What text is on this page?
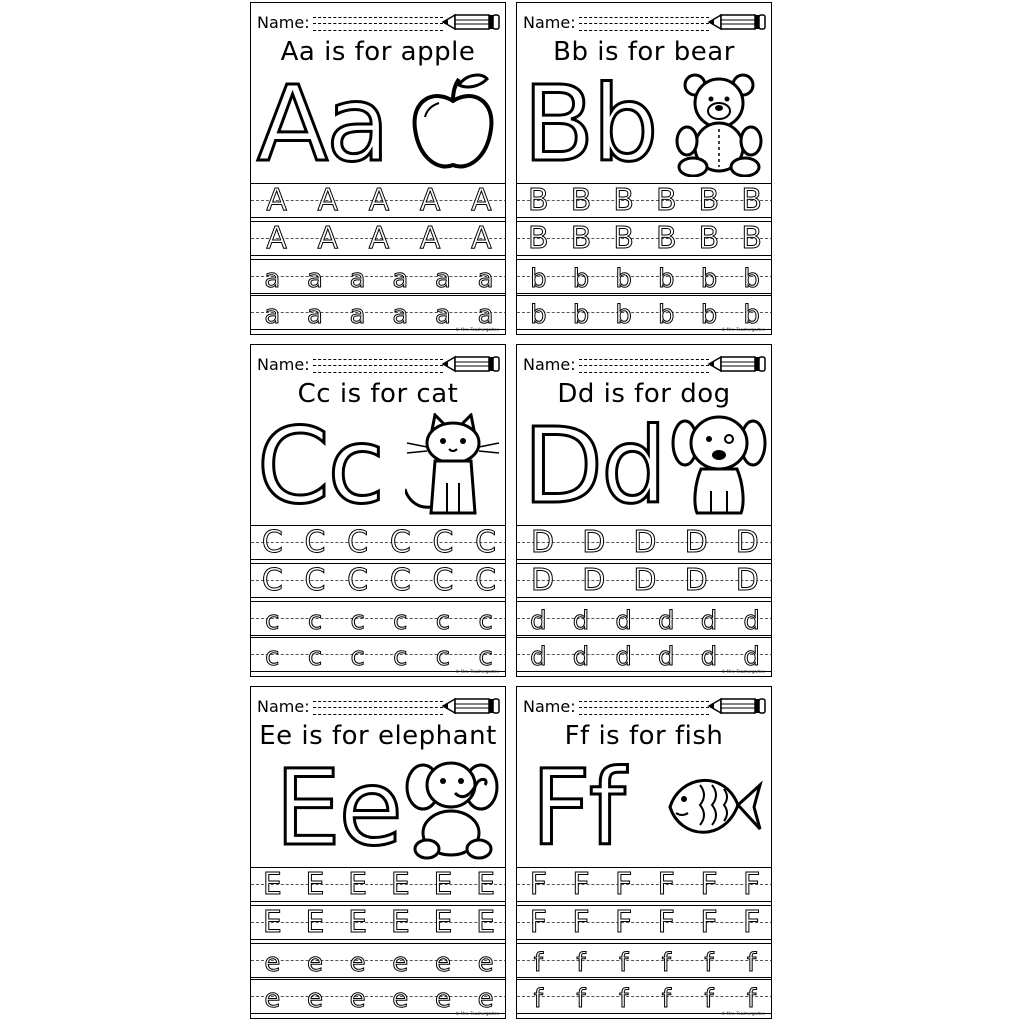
Name:
Aa is for apple
Aa
A A A A A
A A A A A
a a a a a a
a a a a a a
© Mrs. Teachergarten
Name:
Bb is for bear
Bb
B B B B B B
B B B B B B
b b b b b b
b b b b b b
© Mrs. Teachergarten
Name:
Cc is for cat
Cc
C C C C C C
C C C C C C
c c c c c c
c c c c c c
© Mrs. Teachergarten
Name:
Dd is for dog
Dd
D D D D D
D D D D D
d d d d d d
d d d d d d
© Mrs. Teachergarten
Name:
Ee is for elephant
Ee
E E E E E E
E E E E E E
e e e e e e
e e e e e e
© Mrs. Teachergarten
Name:
Ff is for fish
Ff
F F F F F F
F F F F F F
f f f f f f
f f f f f f
© Mrs. Teachergarten
